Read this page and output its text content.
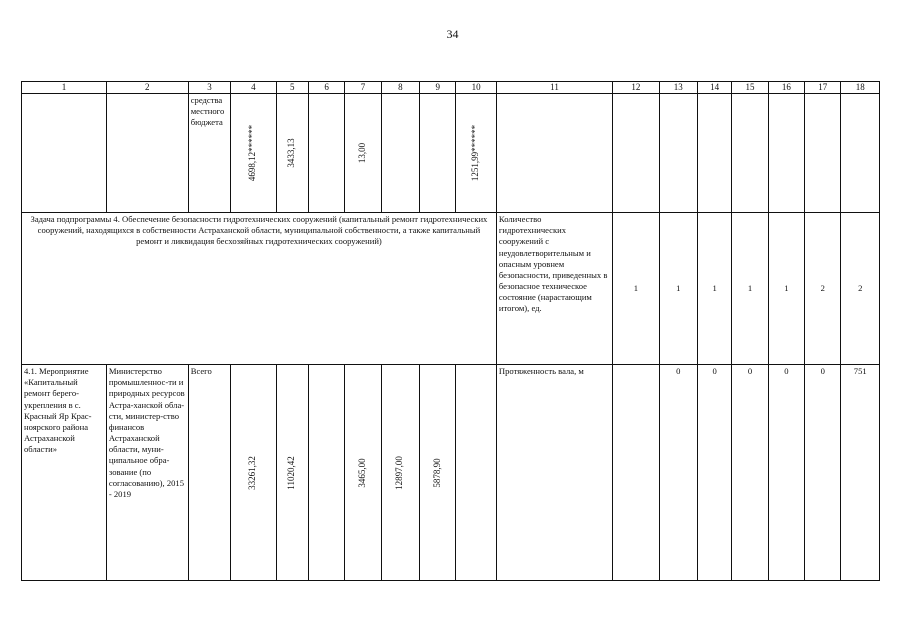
34
1	2	3	4	5	6	7	8	9	10	11	12	13	14	15	16	17	18
		средства местного бюджета	4698,12******	3433,13		13,00			1251,99******								

Задача подпрограммы 4. Обеспечение безопасности гидротехнических сооружений (капитальный ремонт гидротехнических сооружений, находящихся в собственности Астраханской области, муниципальной собственности, а также капитальный ремонт и ликвидация бесхозяйных гидротехнических сооружений)										Количество гидротехнических сооружений с неудовлетворительным и опасным уровнем безопасности, приведенных в безопасное техническое состояние (нарастающим итогом), ед.	1	1	1	1	1	2	2
4.1. Мероприятие «Капитальный ремонт берего-укрепления в с. Красный Яр Крас-ноярского района Астраханской области»	Министерство промышленнос-ти и природных ресурсов Астра-ханской обла-сти, министер-ство финансов Астраханской области, муни-ципальное обра-зование (по согласованию), 2015 - 2019	Всего	33261,32	11020,42		3465,00	12897,00	5878,90		Протяженность вала, м		0	0	0	0	0	751
